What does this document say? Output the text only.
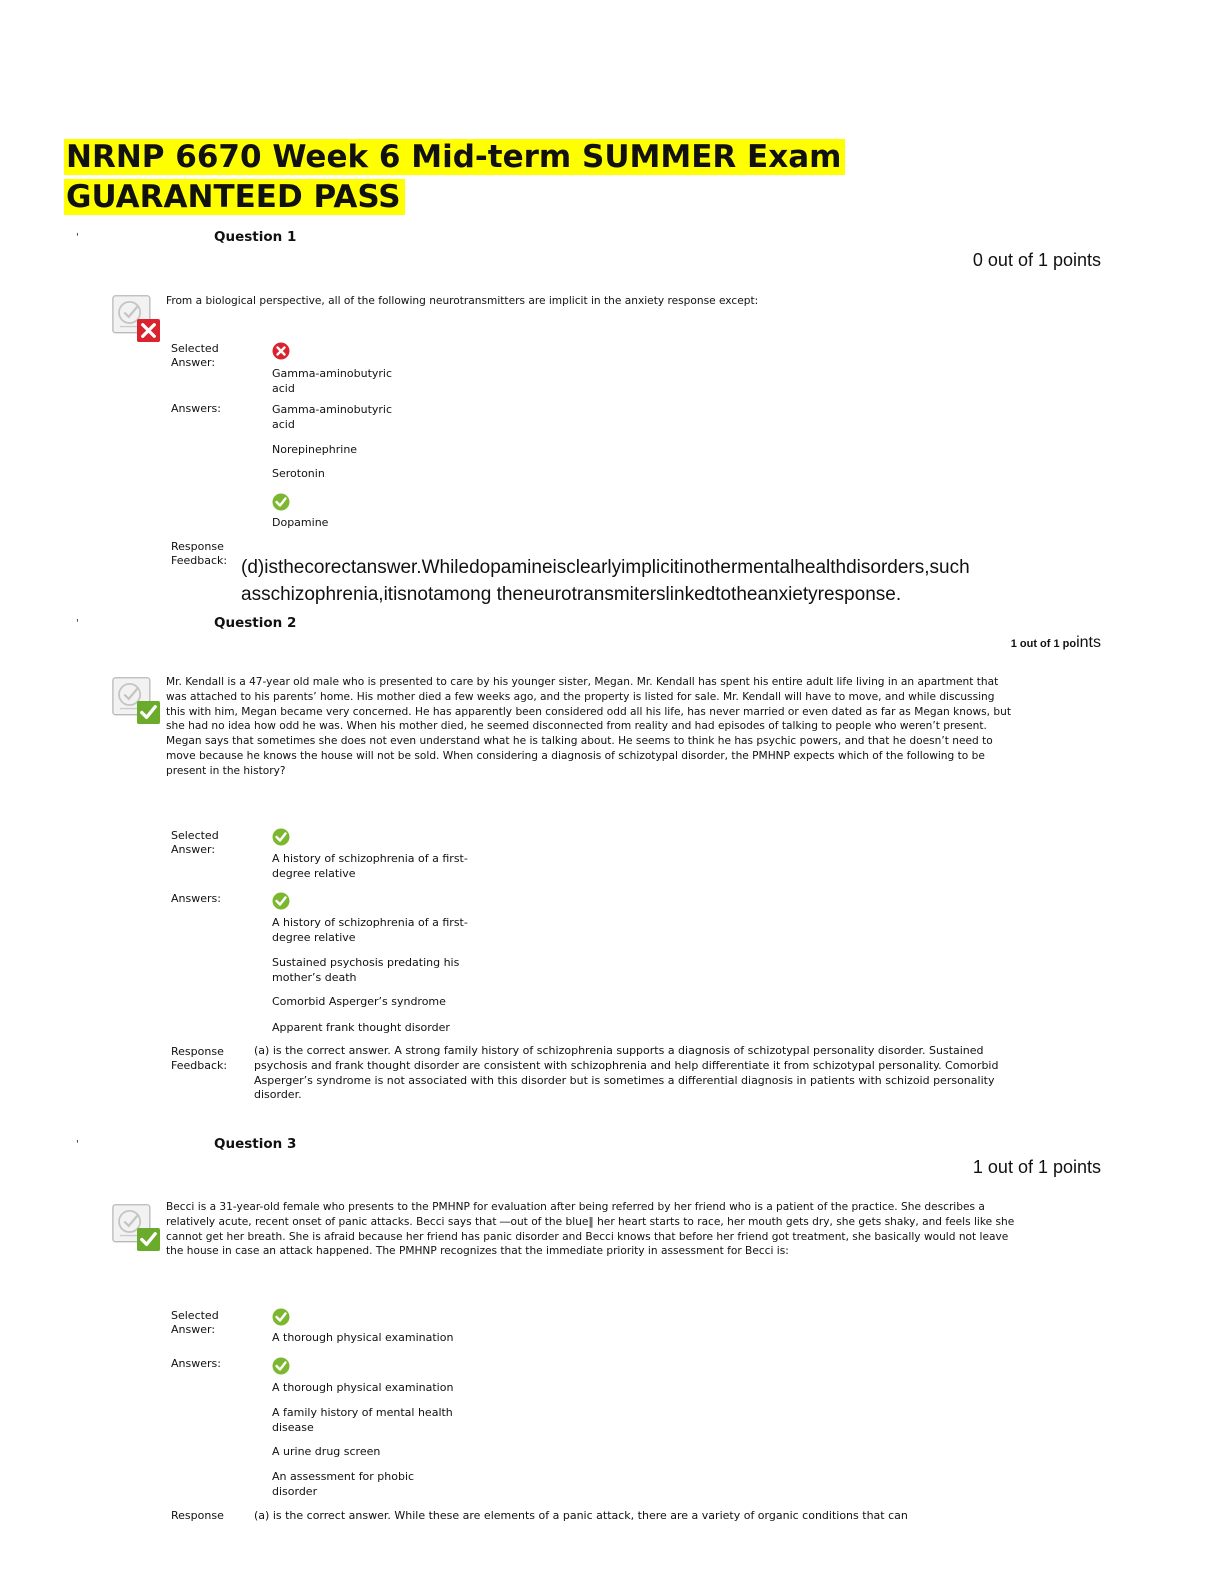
NRNP 6670 Week 6 Mid-term SUMMER Exam
GUARANTEED PASS
'	Question 1
0 out of 1 points
From a biological perspective, all of the following neurotransmitters are implicit in the anxiety response except:
Selected Answer:
Gamma-aminobutyric acid
Answers:	Gamma-aminobutyric acid
Norepinephrine
Serotonin
Dopamine
Response Feedback: (d)isthecorectanswer.Whiledopamineisclearlyimplicitinothermentalhealthdisorders,such asschizophrenia,itisnotamong theneurotransmiterslinkedtotheanxietyresponse.
'	Question 2
1 out of 1 points
Mr. Kendall is a 47-year old male who is presented to care by his younger sister, Megan. Mr. Kendall has spent his entire adult life living in an apartment that was attached to his parents’ home. His mother died a few weeks ago, and the property is listed for sale. Mr. Kendall will have to move, and while discussing this with him, Megan became very concerned. He has apparently been considered odd all his life, has never married or even dated as far as Megan knows, but she had no idea how odd he was. When his mother died, he seemed disconnected from reality and had episodes of talking to people who weren’t present. Megan says that sometimes she does not even understand what he is talking about. He seems to think he has psychic powers, and that he doesn’t need to move because he knows the house will not be sold. When considering a diagnosis of schizotypal disorder, the PMHNP expects which of the following to be present in the history?
Selected Answer:
A history of schizophrenia of a first-degree relative
Answers:
A history of schizophrenia of a first-degree relative
Sustained psychosis predating his mother’s death
Comorbid Asperger’s syndrome
Apparent frank thought disorder
Response Feedback:
(a) is the correct answer. A strong family history of schizophrenia supports a diagnosis of schizotypal personality disorder. Sustained psychosis and frank thought disorder are consistent with schizophrenia and help differentiate it from schizotypal personality. Comorbid Asperger’s syndrome is not associated with this disorder but is sometimes a differential diagnosis in patients with schizoid personality disorder.
'	Question 3
1 out of 1 points
Becci is a 31-year-old female who presents to the PMHNP for evaluation after being referred by her friend who is a patient of the practice. She describes a relatively acute, recent onset of panic attacks. Becci says that ―out of the blue‖ her heart starts to race, her mouth gets dry, she gets shaky, and feels like she cannot get her breath. She is afraid because her friend has panic disorder and Becci knows that before her friend got treatment, she basically would not leave the house in case an attack happened. The PMHNP recognizes that the immediate priority in assessment for Becci is:
Selected Answer:
A thorough physical examination
Answers:
A thorough physical examination
A family history of mental health disease
A urine drug screen
An assessment for phobic disorder
Response	(a) is the correct answer. While these are elements of a panic attack, there are a variety of organic conditions that can
